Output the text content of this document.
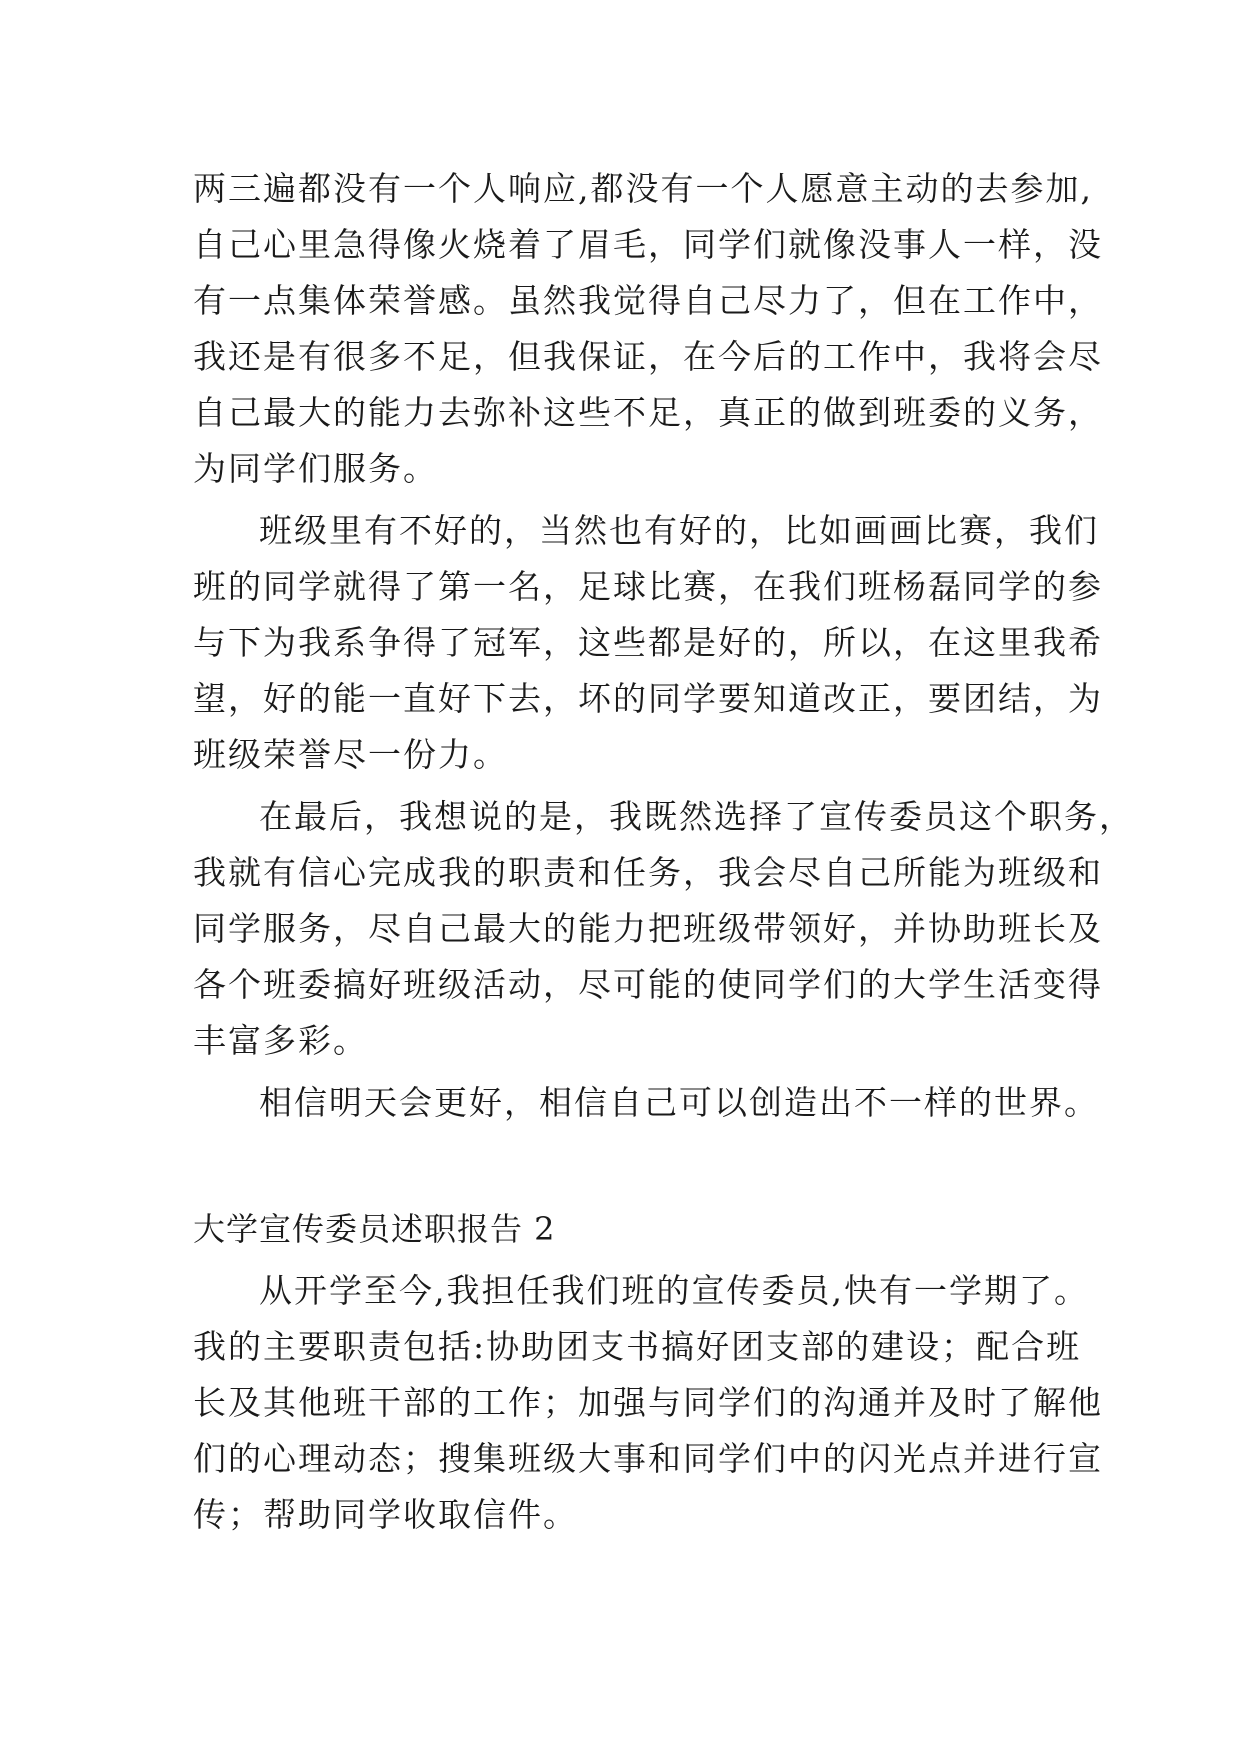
两三遍都没有一个人响应,都没有一个人愿意主动的去参加,
自己心里急得像火烧着了眉毛，同学们就像没事人一样，没
有一点集体荣誉感。虽然我觉得自己尽力了，但在工作中，
我还是有很多不足，但我保证，在今后的工作中，我将会尽
自己最大的能力去弥补这些不足，真正的做到班委的义务，
为同学们服务。
班级里有不好的，当然也有好的，比如画画比赛，我们
班的同学就得了第一名，足球比赛，在我们班杨磊同学的参
与下为我系争得了冠军，这些都是好的，所以，在这里我希
望，好的能一直好下去，坏的同学要知道改正，要团结，为
班级荣誉尽一份力。
在最后，我想说的是，我既然选择了宣传委员这个职务，
我就有信心完成我的职责和任务，我会尽自己所能为班级和
同学服务，尽自己最大的能力把班级带领好，并协助班长及
各个班委搞好班级活动，尽可能的使同学们的大学生活变得
丰富多彩。
相信明天会更好，相信自己可以创造出不一样的世界。
大学宣传委员述职报告 2
从开学至今,我担任我们班的宣传委员,快有一学期了。
我的主要职责包括:协助团支书搞好团支部的建设；配合班
长及其他班干部的工作；加强与同学们的沟通并及时了解他
们的心理动态；搜集班级大事和同学们中的闪光点并进行宣
传；帮助同学收取信件。
